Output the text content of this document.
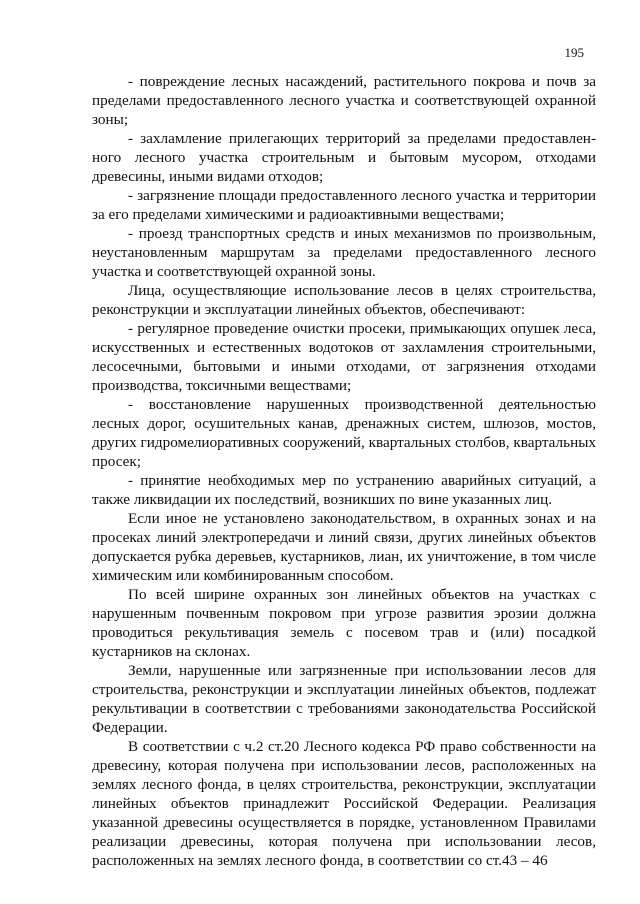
195

- повреждение лесных насаждений, растительного покрова и почв за пределами предоставленного лесного участка и соответствующей охранной зоны;

- захламление прилегающих территорий за пределами предоставленного лесного участка строительным и бытовым мусором, отходами древесины, иными видами отходов;

- загрязнение площади предоставленного лесного участка и территории за его пределами химическими и радиоактивными веществами;

- проезд транспортных средств и иных механизмов по произвольным, неустановленным маршрутам за пределами предоставленного лесного участка и соответствующей охранной зоны.

Лица, осуществляющие использование лесов в целях строительства, реконструкции и эксплуатации линейных объектов, обеспечивают:

- регулярное проведение очистки просеки, примыкающих опушек леса, искусственных и естественных водотоков от захламления строительными, лесосечными, бытовыми и иными отходами, от загрязнения отходами производства, токсичными веществами;

- восстановление нарушенных производственной деятельностью лесных дорог, осушительных канав, дренажных систем, шлюзов, мостов, других гидромелиоративных сооружений, квартальных столбов, квартальных просек;

- принятие необходимых мер по устранению аварийных ситуаций, а также ликвидации их последствий, возникших по вине указанных лиц.

Если иное не установлено законодательством, в охранных зонах и на просеках линий электропередачи и линий связи, других линейных объектов допускается рубка деревьев, кустарников, лиан, их уничтожение, в том числе химическим или комбинированным способом.

По всей ширине охранных зон линейных объектов на участках с нарушенным почвенным покровом при угрозе развития эрозии должна проводиться рекультивация земель с посевом трав и (или) посадкой кустарников на склонах.

Земли, нарушенные или загрязненные при использовании лесов для строительства, реконструкции и эксплуатации линейных объектов, подлежат рекультивации в соответствии с требованиями законодательства Российской Федерации.

В соответствии с ч.2 ст.20 Лесного кодекса РФ право собственности на древесину, которая получена при использовании лесов, расположенных на землях лесного фонда, в целях строительства, реконструкции, эксплуатации линейных объектов принадлежит Российской Федерации. Реализация указанной древесины осуществляется в порядке, установленном Правилами реализации древесины, которая получена при использовании лесов, расположенных на землях лесного фонда, в соответствии со ст.43 – 46
